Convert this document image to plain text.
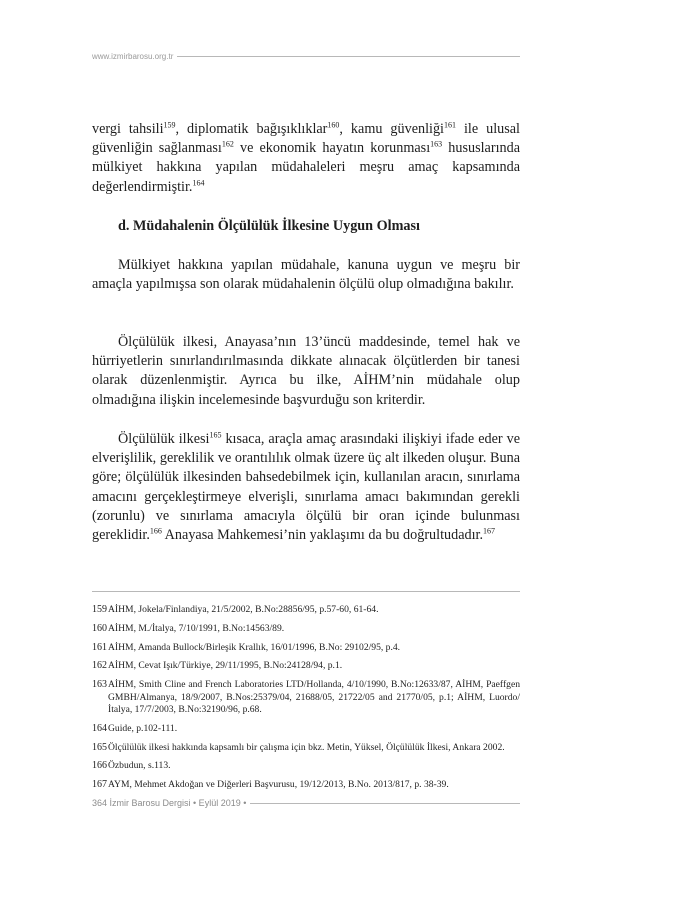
www.izmirbarosu.org.tr

vergi tahsili$^{159}$, diplomatik bağışıklıklar$^{160}$, kamu güvenliği$^{161}$ ile ulusal güvenliğin sağlanması$^{162}$ ve ekonomik hayatın korunması$^{163}$ hususlarında mülkiyet hakkına yapılan müdahaleleri meşru amaç kapsamında değerlendirmiştir.$^{164}$

d. Müdahalenin Ölçülülük İlkesine Uygun Olması

Mülkiyet hakkına yapılan müdahale, kanuna uygun ve meşru bir amaçla yapılmışsa son olarak müdahalenin ölçülü olup olmadığına bakılır.

Ölçülülük ilkesi, Anayasa’nın 13’üncü maddesinde, temel hak ve hürriyetlerin sınırlandırılmasında dikkate alınacak ölçütlerden bir tanesi olarak düzenlenmiştir. Ayrıca bu ilke, AİHM’nin müdahale olup olmadığına ilişkin incelemesinde başvurduğu son kriterdir.

Ölçülülük ilkesi$^{165}$ kısaca, araçla amaç arasındaki ilişkiyi ifade eder ve elverişlilik, gereklilik ve orantılılık olmak üzere üç alt ilkeden oluşur. Buna göre; ölçülülük ilkesinden bahsedebilmek için, kullanılan aracın, sınırlama amacını gerçekleştirmeye elverişli, sınırlama amacı bakımından gerekli (zorunlu) ve sınırlama amacıyla ölçülü bir oran içinde bulunması gereklidir.$^{166}$ Anayasa Mahkemesi’nin yaklaşımı da bu doğrultudadır.$^{167}$

159 AİHM, Jokela/Finlandiya, 21/5/2002, B.No:28856/95, p.57-60, 61-64.
160 AİHM, M./İtalya, 7/10/1991, B.No:14563/89.
161 AİHM, Amanda Bullock/Birleşik Krallık, 16/01/1996, B.No: 29102/95, p.4.
162 AİHM, Cevat Işık/Türkiye, 29/11/1995, B.No:24128/94, p.1.
163 AİHM, Smith Cline and French Laboratories LTD/Hollanda, 4/10/1990, B.No:12633/87, AİHM, Paeffgen GMBH/Almanya, 18/9/2007, B.Nos:25379/04, 21688/05, 21722/05 and 21770/05, p.1; AİHM, Luordo/İtalya, 17/7/2003, B.No:32190/96, p.68.
164 Guide, p.102-111.
165 Ölçülülük ilkesi hakkında kapsamlı bir çalışma için bkz. Metin, Yüksel, Ölçülülük İlkesi, Ankara 2002.
166 Özbudun, s.113.
167 AYM, Mehmet Akdoğan ve Diğerleri Başvurusu, 19/12/2013, B.No. 2013/817, p. 38-39.
364 İzmir Barosu Dergisi • Eylül 2019 •
